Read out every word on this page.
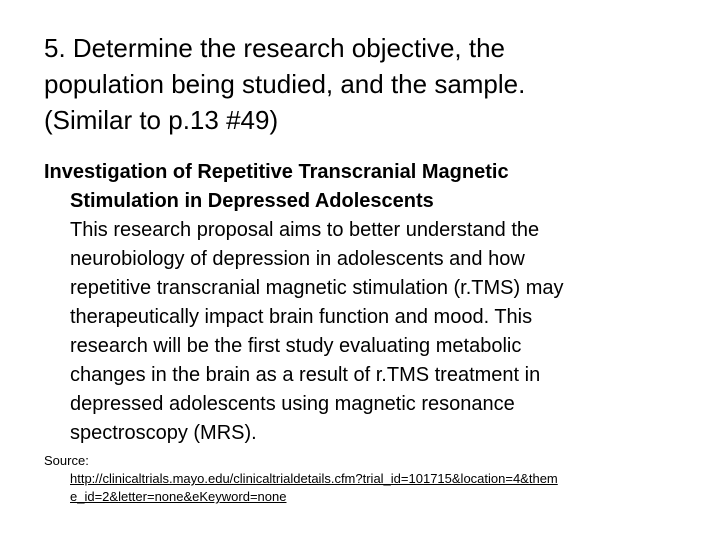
5. Determine the research objective, the
population being studied, and the sample.
(Similar to p.13 #49)

Investigation of Repetitive Transcranial Magnetic
Stimulation in Depressed Adolescents
This research proposal aims to better understand the
neurobiology of depression in adolescents and how
repetitive transcranial magnetic stimulation (r.TMS) may
therapeutically impact brain function and mood. This
research will be the first study evaluating metabolic
changes in the brain as a result of r.TMS treatment in
depressed adolescents using magnetic resonance
spectroscopy (MRS).

Source:
http://clinicaltrials.mayo.edu/clinicaltrialdetails.cfm?trial_id=101715&location=4&them
e_id=2&letter=none&eKeyword=none
